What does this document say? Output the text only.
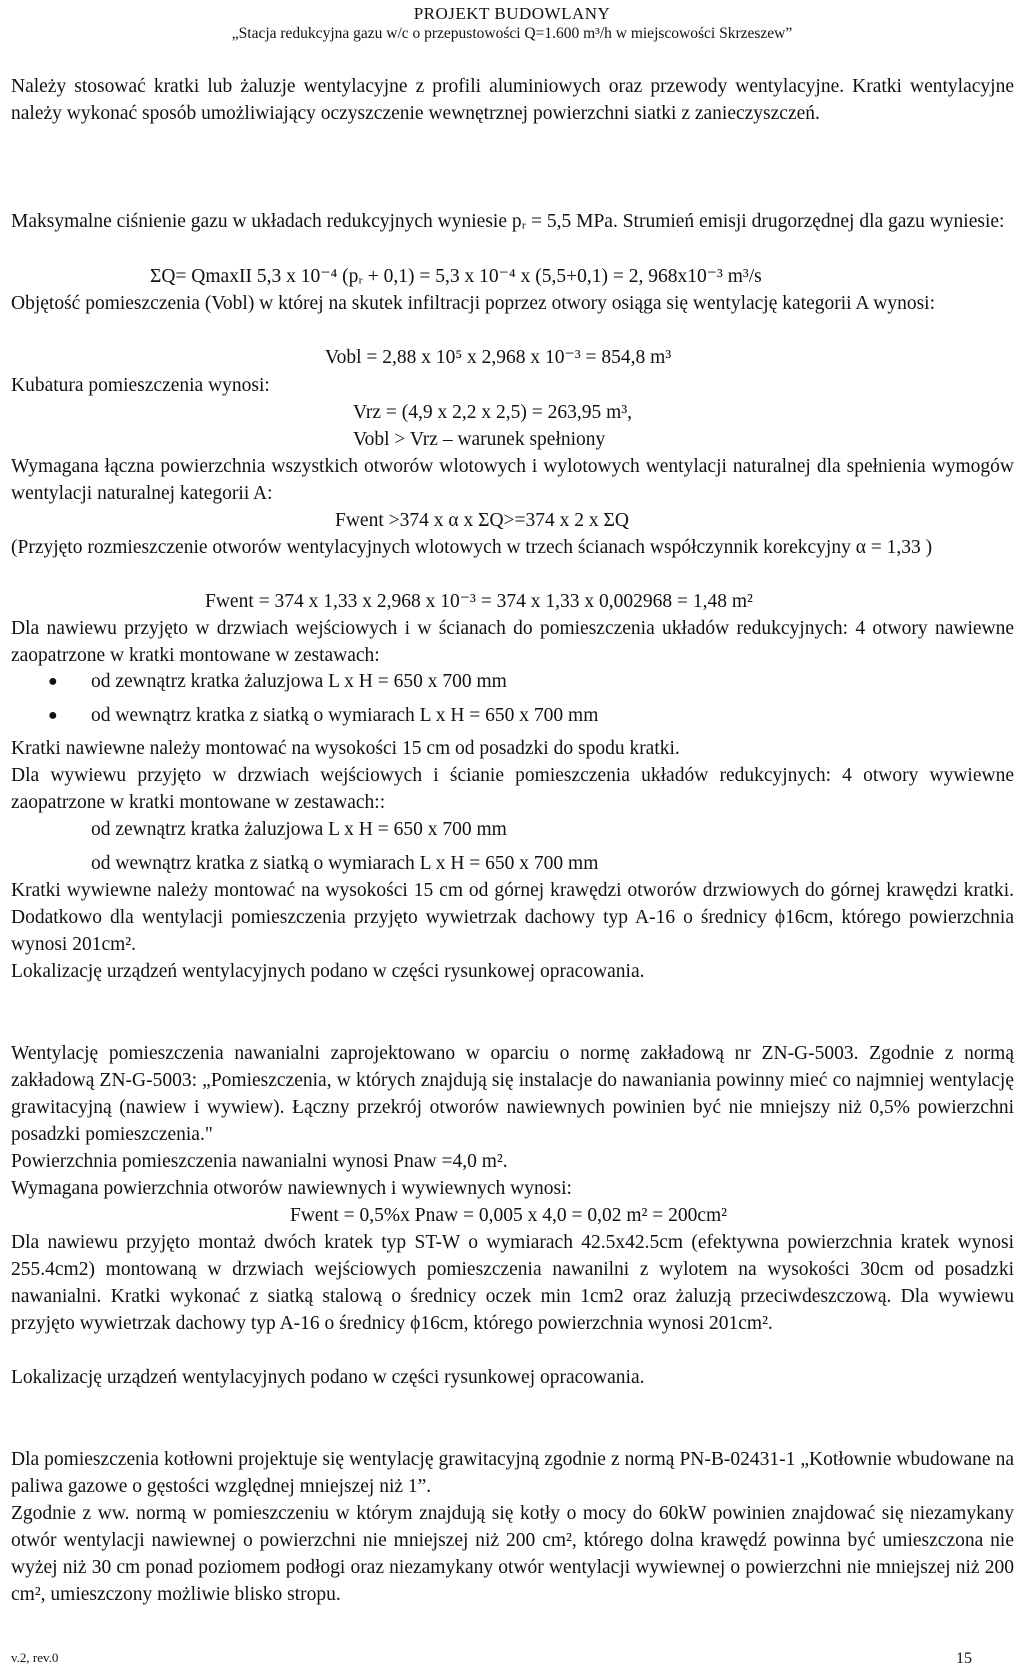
PROJEKT BUDOWLANY
„Stacja redukcyjna gazu w/c o przepustowości Q=1.600 m³/h w miejscowości Skrzeszew”
Należy stosować kratki lub żaluzje wentylacyjne z profili aluminiowych oraz przewody wentylacyjne. Kratki wentylacyjne należy wykonać sposób umożliwiający oczyszczenie wewnętrznej powierzchni siatki z zanieczyszczeń.
Maksymalne ciśnienie gazu w układach redukcyjnych wyniesie pᵣ = 5,5 MPa. Strumień emisji drugorzędnej dla gazu wyniesie:
ΣQ= QmaxII 5,3 x 10⁻⁴ (pᵣ + 0,1) = 5,3 x 10⁻⁴ x (5,5+0,1) = 2, 968x10⁻³ m³/s
Objętość pomieszczenia (Vobl) w której na skutek infiltracji poprzez otwory osiąga się wentylację kategorii A wynosi:
Vobl = 2,88 x 10⁵ x 2,968 x 10⁻³ = 854,8 m³
Kubatura pomieszczenia wynosi:
Vrz = (4,9 x 2,2 x 2,5) = 263,95 m³,
Vobl > Vrz – warunek spełniony
Wymagana łączna powierzchnia wszystkich otworów wlotowych i wylotowych wentylacji naturalnej dla spełnienia wymogów wentylacji naturalnej kategorii A:
Fwent >374 x α x ΣQ>=374 x 2 x ΣQ
(Przyjęto rozmieszczenie otworów wentylacyjnych wlotowych w trzech ścianach współczynnik korekcyjny α = 1,33 )
Fwent = 374 x 1,33 x 2,968 x 10⁻³ = 374 x 1,33 x 0,002968 = 1,48 m²
Dla nawiewu przyjęto w drzwiach wejściowych i w ścianach do pomieszczenia układów redukcyjnych: 4 otwory nawiewne zaopatrzone w kratki montowane w zestawach:
● od zewnątrz kratka żaluzjowa L x H = 650 x 700 mm
● od wewnątrz kratka z siatką o wymiarach L x H = 650 x 700 mm
Kratki nawiewne należy montować na wysokości 15 cm od posadzki do spodu kratki.
Dla wywiewu przyjęto w drzwiach wejściowych i ścianie pomieszczenia układów redukcyjnych: 4 otwory wywiewne zaopatrzone w kratki montowane w zestawach::
od zewnątrz kratka żaluzjowa L x H = 650 x 700 mm
od wewnątrz kratka z siatką o wymiarach L x H = 650 x 700 mm
Kratki wywiewne należy montować na wysokości 15 cm od górnej krawędzi otworów drzwiowych do górnej krawędzi kratki. Dodatkowo dla wentylacji pomieszczenia przyjęto wywietrzak dachowy typ A-16 o średnicy ϕ16cm, którego powierzchnia wynosi 201cm².
Lokalizację urządzeń wentylacyjnych podano w części rysunkowej opracowania.
Wentylację pomieszczenia nawanialni zaprojektowano w oparciu o normę zakładową nr ZN-G-5003. Zgodnie z normą zakładową ZN-G-5003: „Pomieszczenia, w których znajdują się instalacje do nawaniania powinny mieć co najmniej wentylację grawitacyjną (nawiew i wywiew). Łączny przekrój otworów nawiewnych powinien być nie mniejszy niż 0,5% powierzchni posadzki pomieszczenia."
Powierzchnia pomieszczenia nawanialni wynosi Pnaw =4,0 m².
Wymagana powierzchnia otworów nawiewnych i wywiewnych wynosi:
Fwent = 0,5%x Pnaw = 0,005 x 4,0 = 0,02 m² = 200cm²
Dla nawiewu przyjęto montaż dwóch kratek typ ST-W o wymiarach 42.5x42.5cm (efektywna powierzchnia kratek wynosi 255.4cm2) montowaną w drzwiach wejściowych pomieszczenia nawanilni z wylotem na wysokości 30cm od posadzki nawanialni. Kratki wykonać z siatką stalową o średnicy oczek min 1cm2 oraz żaluzją przeciwdeszczową. Dla wywiewu przyjęto wywietrzak dachowy typ A-16 o średnicy ϕ16cm, którego powierzchnia wynosi 201cm².
Lokalizację urządzeń wentylacyjnych podano w części rysunkowej opracowania.
Dla pomieszczenia kotłowni projektuje się wentylację grawitacyjną zgodnie z normą PN-B-02431-1 „Kotłownie wbudowane na paliwa gazowe o gęstości względnej mniejszej niż 1”.
Zgodnie z ww. normą w pomieszczeniu w którym znajdują się kotły o mocy do 60kW powinien znajdować się niezamykany otwór wentylacji nawiewnej o powierzchni nie mniejszej niż 200 cm², którego dolna krawędź powinna być umieszczona nie wyżej niż 30 cm ponad poziomem podłogi oraz niezamykany otwór wentylacji wywiewnej o powierzchni nie mniejszej niż 200 cm², umieszczony możliwie blisko stropu.
v.2, rev.0	15
